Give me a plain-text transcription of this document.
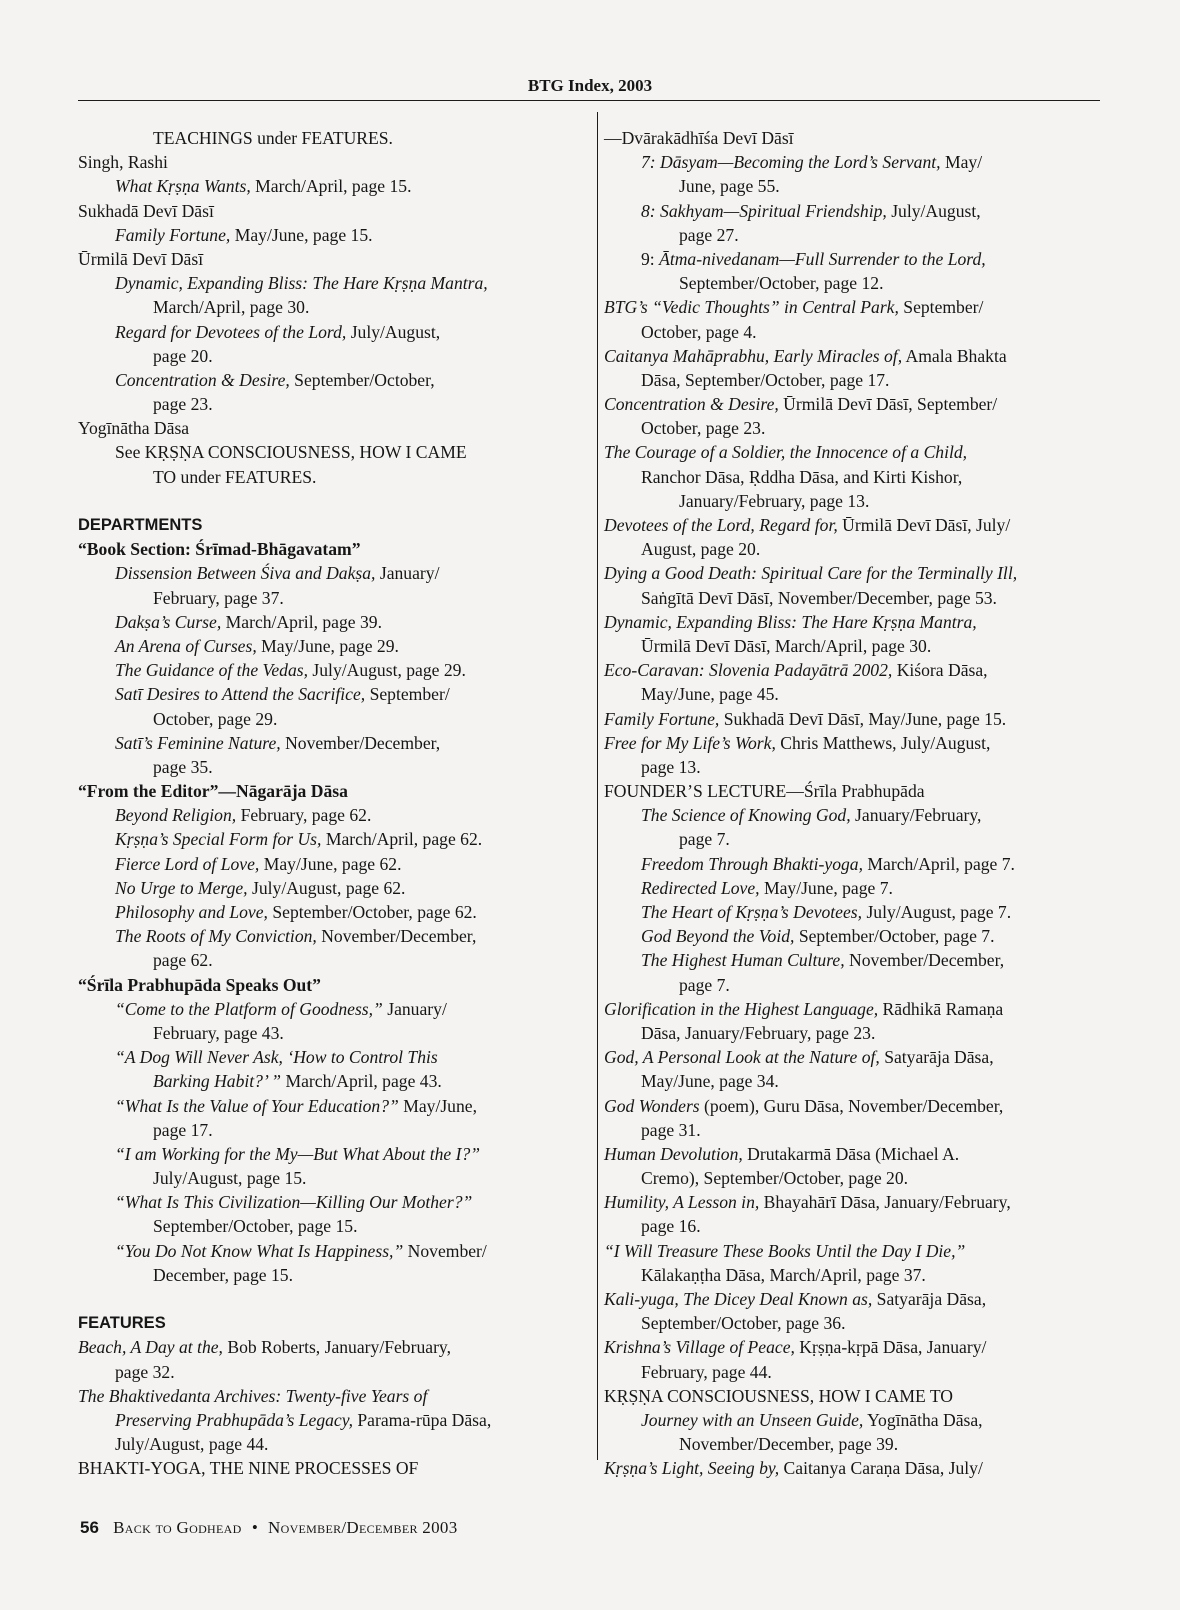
BTG Index, 2003
TEACHINGS under FEATURES.
Singh, Rashi
What Kṛṣṇa Wants, March/April, page 15.
Sukhadā Devī Dāsī
Family Fortune, May/June, page 15.
Ūrmilā Devī Dāsī
Dynamic, Expanding Bliss: The Hare Kṛṣṇa Mantra,
March/April, page 30.
Regard for Devotees of the Lord, July/August,
page 20.
Concentration & Desire, September/October,
page 23.
Yogīnātha Dāsa
See KṚṢṆA CONSCIOUSNESS, HOW I CAME
TO under FEATURES.
DEPARTMENTS
“Book Section: Śrīmad-Bhāgavatam”
Dissension Between Śiva and Dakṣa, January/
February, page 37.
Dakṣa’s Curse, March/April, page 39.
An Arena of Curses, May/June, page 29.
The Guidance of the Vedas, July/August, page 29.
Satī Desires to Attend the Sacrifice, September/
October, page 29.
Satī’s Feminine Nature, November/December,
page 35.
“From the Editor”—Nāgarāja Dāsa
Beyond Religion, February, page 62.
Kṛṣṇa’s Special Form for Us, March/April, page 62.
Fierce Lord of Love, May/June, page 62.
No Urge to Merge, July/August, page 62.
Philosophy and Love, September/October, page 62.
The Roots of My Conviction, November/December,
page 62.
“Śrīla Prabhupāda Speaks Out”
“Come to the Platform of Goodness,” January/
February, page 43.
“A Dog Will Never Ask, ‘How to Control This
Barking Habit?’ ” March/April, page 43.
“What Is the Value of Your Education?” May/June,
page 17.
“I am Working for the My—But What About the I?”
July/August, page 15.
“What Is This Civilization—Killing Our Mother?”
September/October, page 15.
“You Do Not Know What Is Happiness,” November/
December, page 15.
FEATURES
Beach, A Day at the, Bob Roberts, January/February,
page 32.
The Bhaktivedanta Archives: Twenty-five Years of
Preserving Prabhupāda’s Legacy, Parama-rūpa Dāsa,
July/August, page 44.
BHAKTI-YOGA, THE NINE PROCESSES OF
—Dvārakādhīśa Devī Dāsī
7: Dāsyam—Becoming the Lord’s Servant, May/
June, page 55.
8: Sakhyam—Spiritual Friendship, July/August,
page 27.
9: Ātma-nivedanam—Full Surrender to the Lord,
September/October, page 12.
BTG’s “Vedic Thoughts” in Central Park, September/
October, page 4.
Caitanya Mahāprabhu, Early Miracles of, Amala Bhakta
Dāsa, September/October, page 17.
Concentration & Desire, Ūrmilā Devī Dāsī, September/
October, page 23.
The Courage of a Soldier, the Innocence of a Child,
Ranchor Dāsa, Ṛddha Dāsa, and Kirti Kishor,
January/February, page 13.
Devotees of the Lord, Regard for, Ūrmilā Devī Dāsī, July/
August, page 20.
Dying a Good Death: Spiritual Care for the Terminally Ill,
Saṅgītā Devī Dāsī, November/December, page 53.
Dynamic, Expanding Bliss: The Hare Kṛṣṇa Mantra,
Ūrmilā Devī Dāsī, March/April, page 30.
Eco-Caravan: Slovenia Padayātrā 2002, Kiśora Dāsa,
May/June, page 45.
Family Fortune, Sukhadā Devī Dāsī, May/June, page 15.
Free for My Life’s Work, Chris Matthews, July/August,
page 13.
FOUNDER’S LECTURE—Śrīla Prabhupāda
The Science of Knowing God, January/February,
page 7.
Freedom Through Bhakti-yoga, March/April, page 7.
Redirected Love, May/June, page 7.
The Heart of Kṛṣṇa’s Devotees, July/August, page 7.
God Beyond the Void, September/October, page 7.
The Highest Human Culture, November/December,
page 7.
Glorification in the Highest Language, Rādhikā Ramaṇa
Dāsa, January/February, page 23.
God, A Personal Look at the Nature of, Satyarāja Dāsa,
May/June, page 34.
God Wonders (poem), Guru Dāsa, November/December,
page 31.
Human Devolution, Drutakarmā Dāsa (Michael A.
Cremo), September/October, page 20.
Humility, A Lesson in, Bhayahārī Dāsa, January/February,
page 16.
“I Will Treasure These Books Until the Day I Die,”
Kālakaṇṭha Dāsa, March/April, page 37.
Kali-yuga, The Dicey Deal Known as, Satyarāja Dāsa,
September/October, page 36.
Krishna’s Village of Peace, Kṛṣṇa-kṛpā Dāsa, January/
February, page 44.
KṚṢṆA CONSCIOUSNESS, HOW I CAME TO
Journey with an Unseen Guide, Yogīnātha Dāsa,
November/December, page 39.
Kṛṣṇa’s Light, Seeing by, Caitanya Caraṇa Dāsa, July/
56 Back to Godhead • November/December 2003
